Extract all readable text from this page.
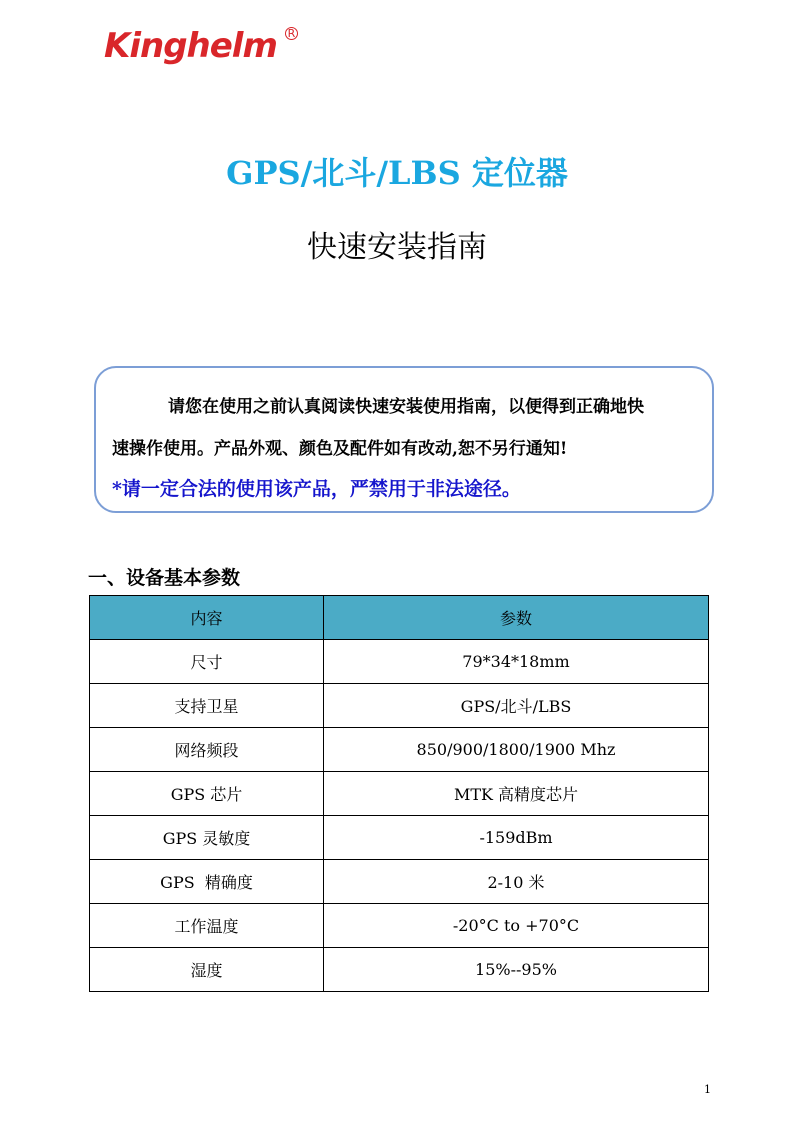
Kinghelm R
GPS/北斗/LBS 定位器
快速安装指南
请您在使用之前认真阅读快速安装使用指南，以便得到正确地快
速操作使用。产品外观、颜色及配件如有改动,恕不另行通知!
*请一定合法的使用该产品，严禁用于非法途径。
一、设备基本参数
内容	参数
尺寸	79*34*18mm
支持卫星	GPS/北斗/LBS
网络频段	850/900/1800/1900 Mhz
GPS 芯片	MTK 高精度芯片
GPS 灵敏度	-159dBm
GPS  精确度	2-10 米
工作温度	-20°C to +70°C
湿度	15%--95%
1
